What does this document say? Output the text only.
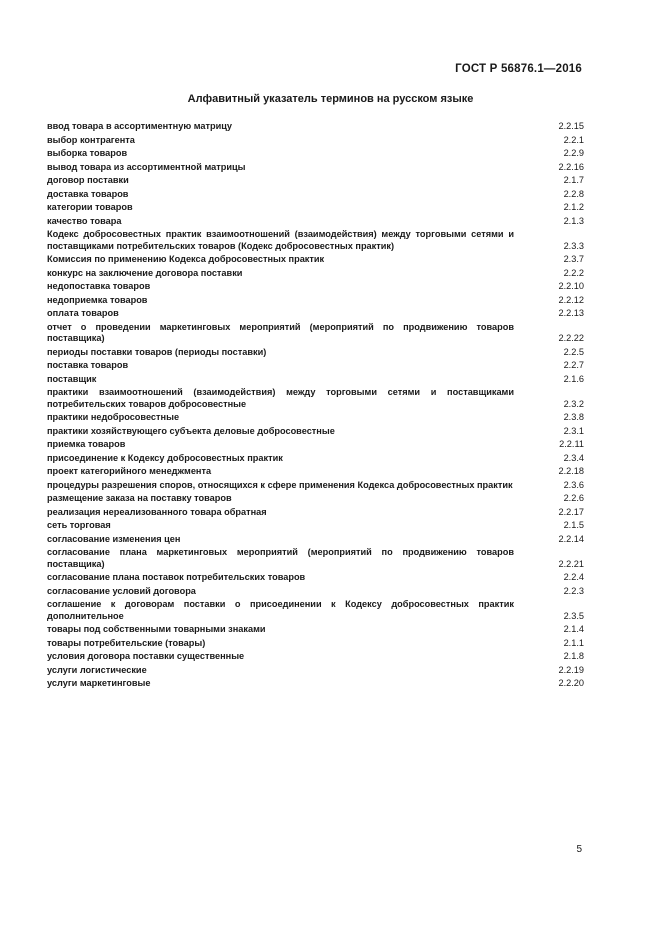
ГОСТ Р 56876.1—2016
Алфавитный указатель терминов на русском языке
ввод товара в ассортиментную матрицу	2.2.15
выбор контрагента	2.2.1
выборка товаров	2.2.9
вывод товара из ассортиментной матрицы	2.2.16
договор поставки	2.1.7
доставка товаров	2.2.8
категории товаров	2.1.2
качество товара	2.1.3
Кодекс добросовестных практик взаимоотношений (взаимодействия) между торговыми сетями и поставщиками потребительских товаров (Кодекс добросовестных практик)	2.3.3
Комиссия по применению Кодекса добросовестных практик	2.3.7
конкурс на заключение договора поставки	2.2.2
недопоставка товаров	2.2.10
недоприемка товаров	2.2.12
оплата товаров	2.2.13
отчет о проведении маркетинговых мероприятий (мероприятий по продвижению товаров поставщика)	2.2.22
периоды поставки товаров (периоды поставки)	2.2.5
поставка товаров	2.2.7
поставщик	2.1.6
практики взаимоотношений (взаимодействия) между торговыми сетями и поставщиками потребительских товаров добросовестные	2.3.2
практики недобросовестные	2.3.8
практики хозяйствующего субъекта деловые добросовестные	2.3.1
приемка товаров	2.2.11
присоединение к Кодексу добросовестных практик	2.3.4
проект категорийного менеджмента	2.2.18
процедуры разрешения споров, относящихся к сфере применения Кодекса добросовестных практик	2.3.6
размещение заказа на поставку товаров	2.2.6
реализация нереализованного товара обратная	2.2.17
сеть торговая	2.1.5
согласование изменения цен	2.2.14
согласование плана маркетинговых мероприятий (мероприятий по продвижению товаров поставщика)	2.2.21
согласование плана поставок потребительских товаров	2.2.4
согласование условий договора	2.2.3
соглашение к договорам поставки о присоединении к Кодексу добросовестных практик дополнительное	2.3.5
товары под собственными товарными знаками	2.1.4
товары потребительские (товары)	2.1.1
условия договора поставки существенные	2.1.8
услуги логистические	2.2.19
услуги маркетинговые	2.2.20
5
